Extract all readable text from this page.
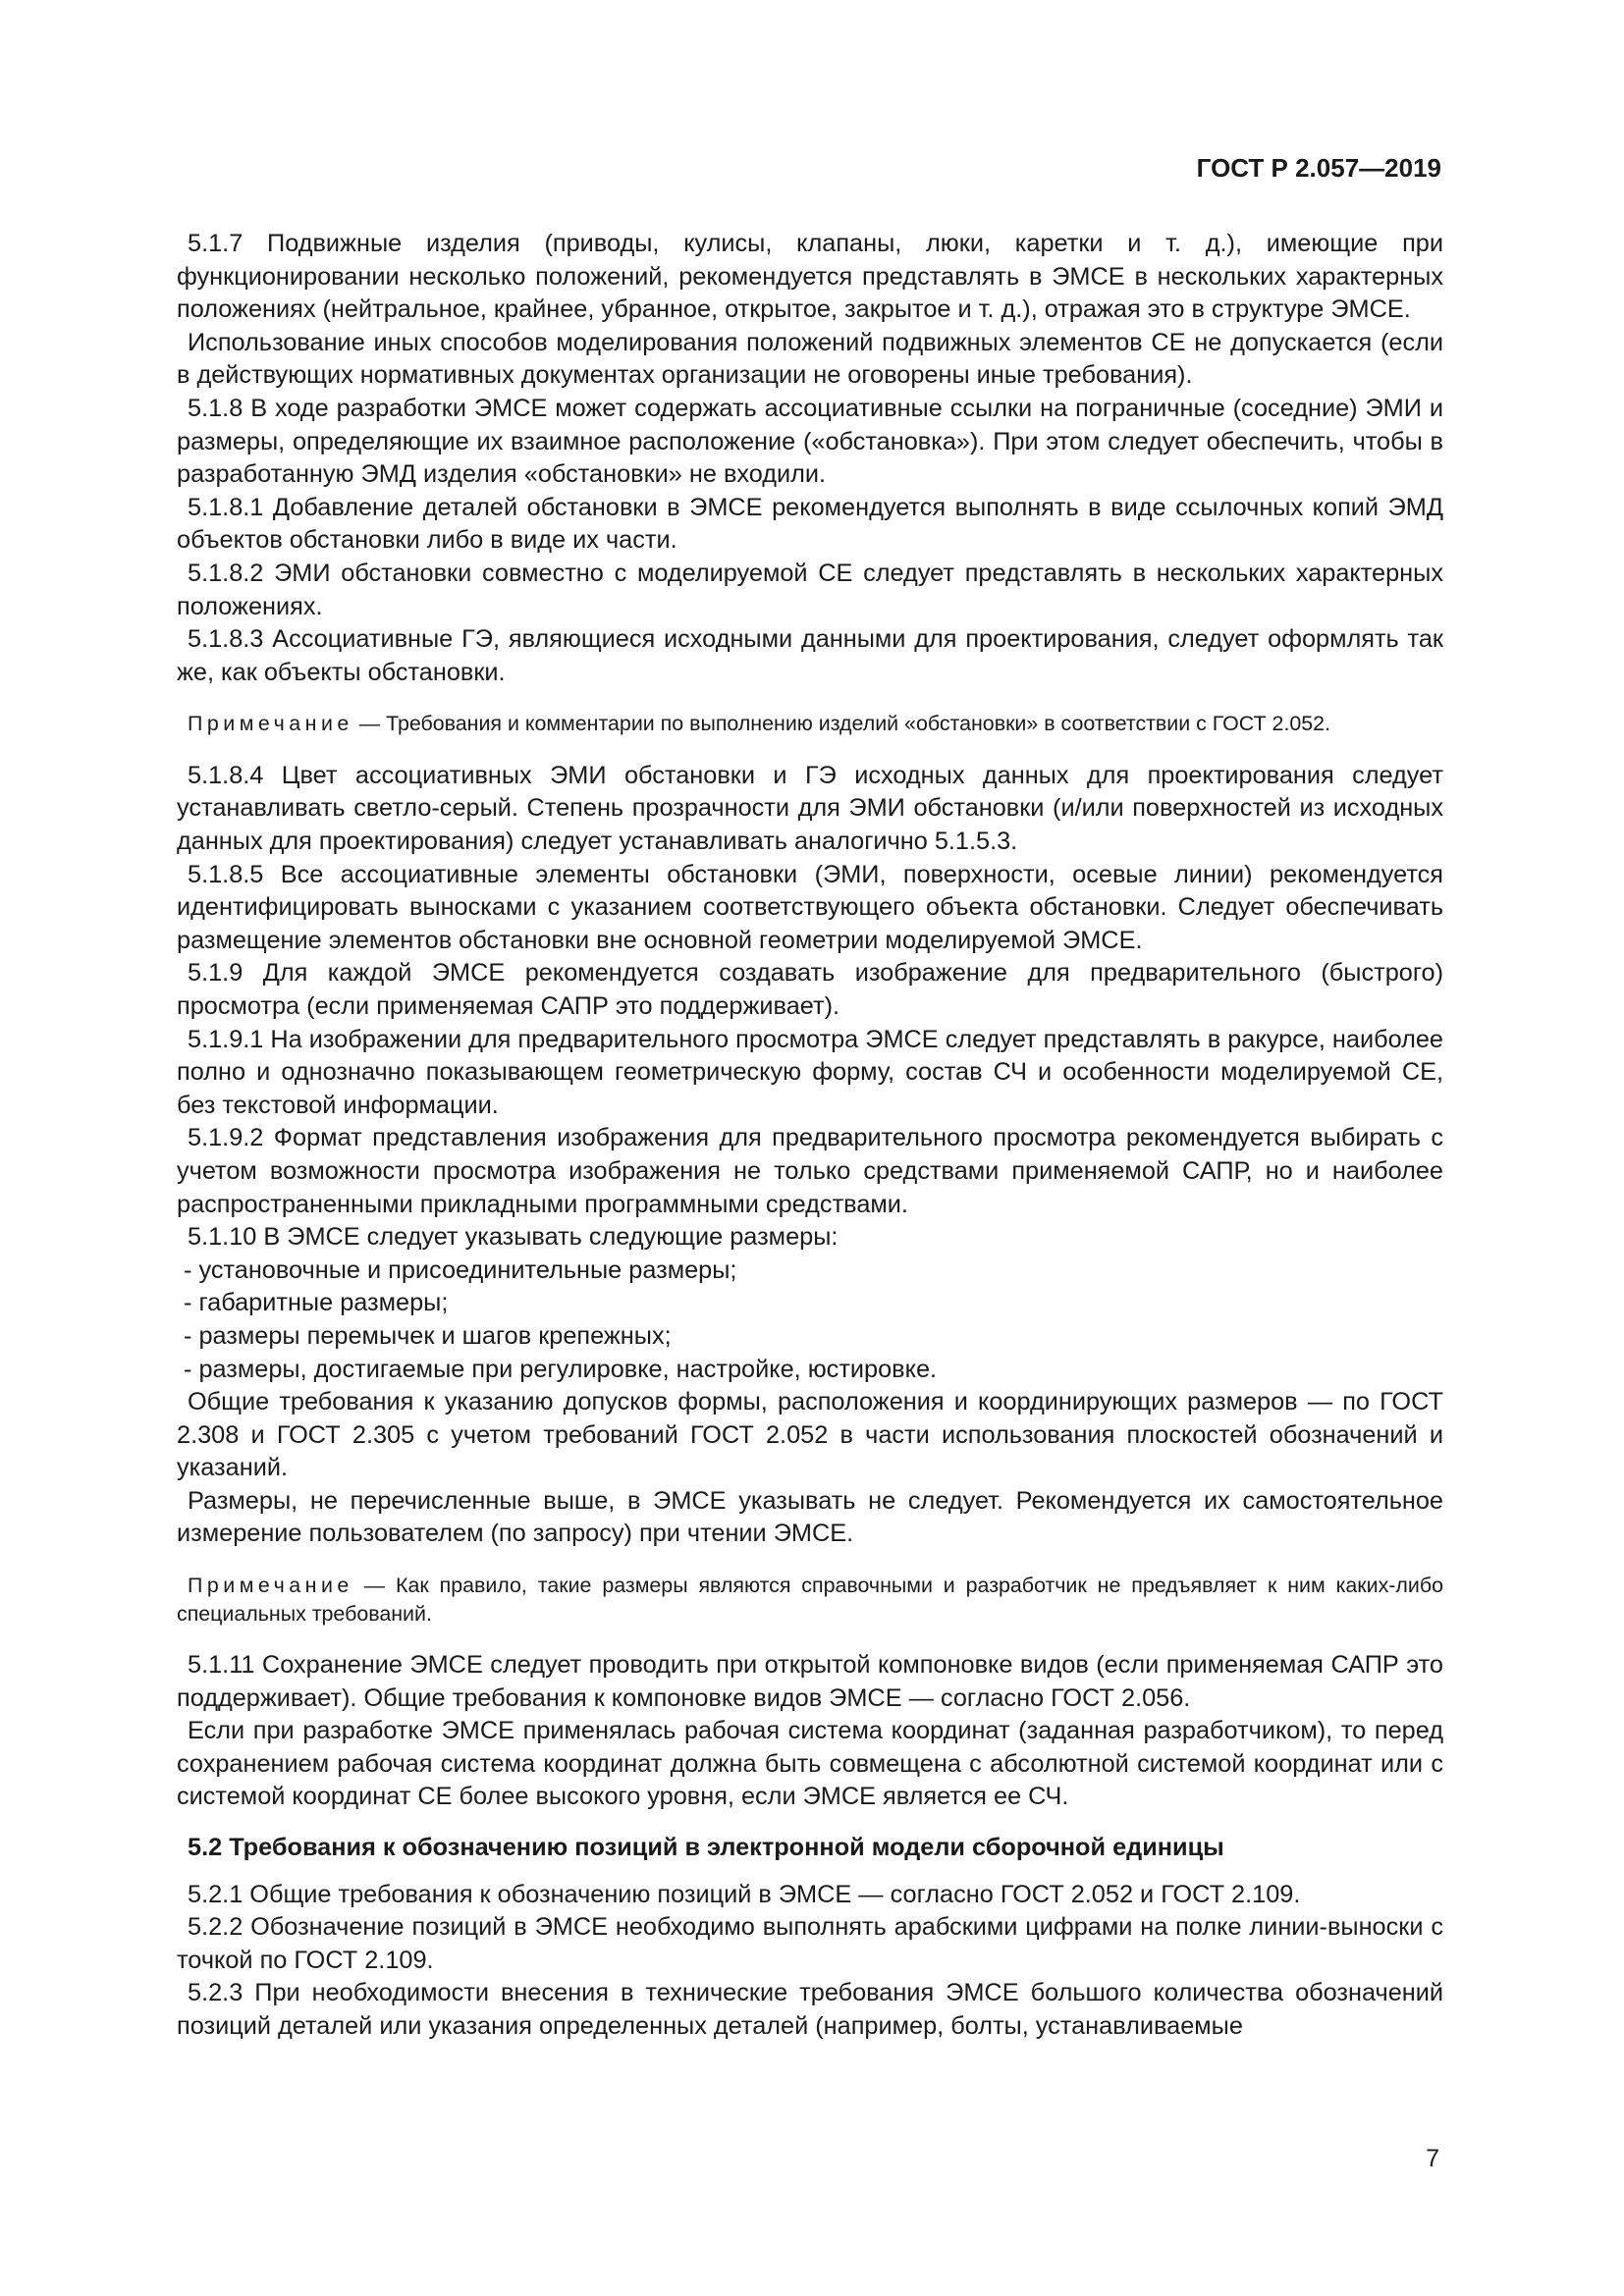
ГОСТ Р 2.057—2019

5.1.7 Подвижные изделия (приводы, кулисы, клапаны, люки, каретки и т. д.), имеющие при функционировании несколько положений, рекомендуется представлять в ЭМСЕ в нескольких характерных положениях (нейтральное, крайнее, убранное, открытое, закрытое и т. д.), отражая это в структуре ЭМСЕ.

Использование иных способов моделирования положений подвижных элементов СЕ не допускается (если в действующих нормативных документах организации не оговорены иные требования).

5.1.8 В ходе разработки ЭМСЕ может содержать ассоциативные ссылки на пограничные (соседние) ЭМИ и размеры, определяющие их взаимное расположение («обстановка»). При этом следует обеспечить, чтобы в разработанную ЭМД изделия «обстановки» не входили.

5.1.8.1 Добавление деталей обстановки в ЭМСЕ рекомендуется выполнять в виде ссылочных копий ЭМД объектов обстановки либо в виде их части.

5.1.8.2 ЭМИ обстановки совместно с моделируемой СЕ следует представлять в нескольких характерных положениях.

5.1.8.3 Ассоциативные ГЭ, являющиеся исходными данными для проектирования, следует оформлять так же, как объекты обстановки.

Примечание — Требования и комментарии по выполнению изделий «обстановки» в соответствии с ГОСТ 2.052.

5.1.8.4 Цвет ассоциативных ЭМИ обстановки и ГЭ исходных данных для проектирования следует устанавливать светло-серый. Степень прозрачности для ЭМИ обстановки (и/или поверхностей из исходных данных для проектирования) следует устанавливать аналогично 5.1.5.3.

5.1.8.5 Все ассоциативные элементы обстановки (ЭМИ, поверхности, осевые линии) рекомендуется идентифицировать выносками с указанием соответствующего объекта обстановки. Следует обеспечивать размещение элементов обстановки вне основной геометрии моделируемой ЭМСЕ.

5.1.9 Для каждой ЭМСЕ рекомендуется создавать изображение для предварительного (быстрого) просмотра (если применяемая САПР это поддерживает).

5.1.9.1 На изображении для предварительного просмотра ЭМСЕ следует представлять в ракурсе, наиболее полно и однозначно показывающем геометрическую форму, состав СЧ и особенности моделируемой СЕ, без текстовой информации.

5.1.9.2 Формат представления изображения для предварительного просмотра рекомендуется выбирать с учетом возможности просмотра изображения не только средствами применяемой САПР, но и наиболее распространенными прикладными программными средствами.

5.1.10 В ЭМСЕ следует указывать следующие размеры:

- установочные и присоединительные размеры;
- габаритные размеры;
- размеры перемычек и шагов крепежных;
- размеры, достигаемые при регулировке, настройке, юстировке.

Общие требования к указанию допусков формы, расположения и координирующих размеров — по ГОСТ 2.308 и ГОСТ 2.305 с учетом требований ГОСТ 2.052 в части использования плоскостей обозначений и указаний.

Размеры, не перечисленные выше, в ЭМСЕ указывать не следует. Рекомендуется их самостоятельное измерение пользователем (по запросу) при чтении ЭМСЕ.

Примечание — Как правило, такие размеры являются справочными и разработчик не предъявляет к ним каких-либо специальных требований.

5.1.11 Сохранение ЭМСЕ следует проводить при открытой компоновке видов (если применяемая САПР это поддерживает). Общие требования к компоновке видов ЭМСЕ — согласно ГОСТ 2.056.

Если при разработке ЭМСЕ применялась рабочая система координат (заданная разработчиком), то перед сохранением рабочая система координат должна быть совмещена с абсолютной системой координат или с системой координат СЕ более высокого уровня, если ЭМСЕ является ее СЧ.

5.2 Требования к обозначению позиций в электронной модели сборочной единицы

5.2.1 Общие требования к обозначению позиций в ЭМСЕ — согласно ГОСТ 2.052 и ГОСТ 2.109.

5.2.2 Обозначение позиций в ЭМСЕ необходимо выполнять арабскими цифрами на полке линии-выноски с точкой по ГОСТ 2.109.

5.2.3 При необходимости внесения в технические требования ЭМСЕ большого количества обозначений позиций деталей или указания определенных деталей (например, болты, устанавливаемые

7
